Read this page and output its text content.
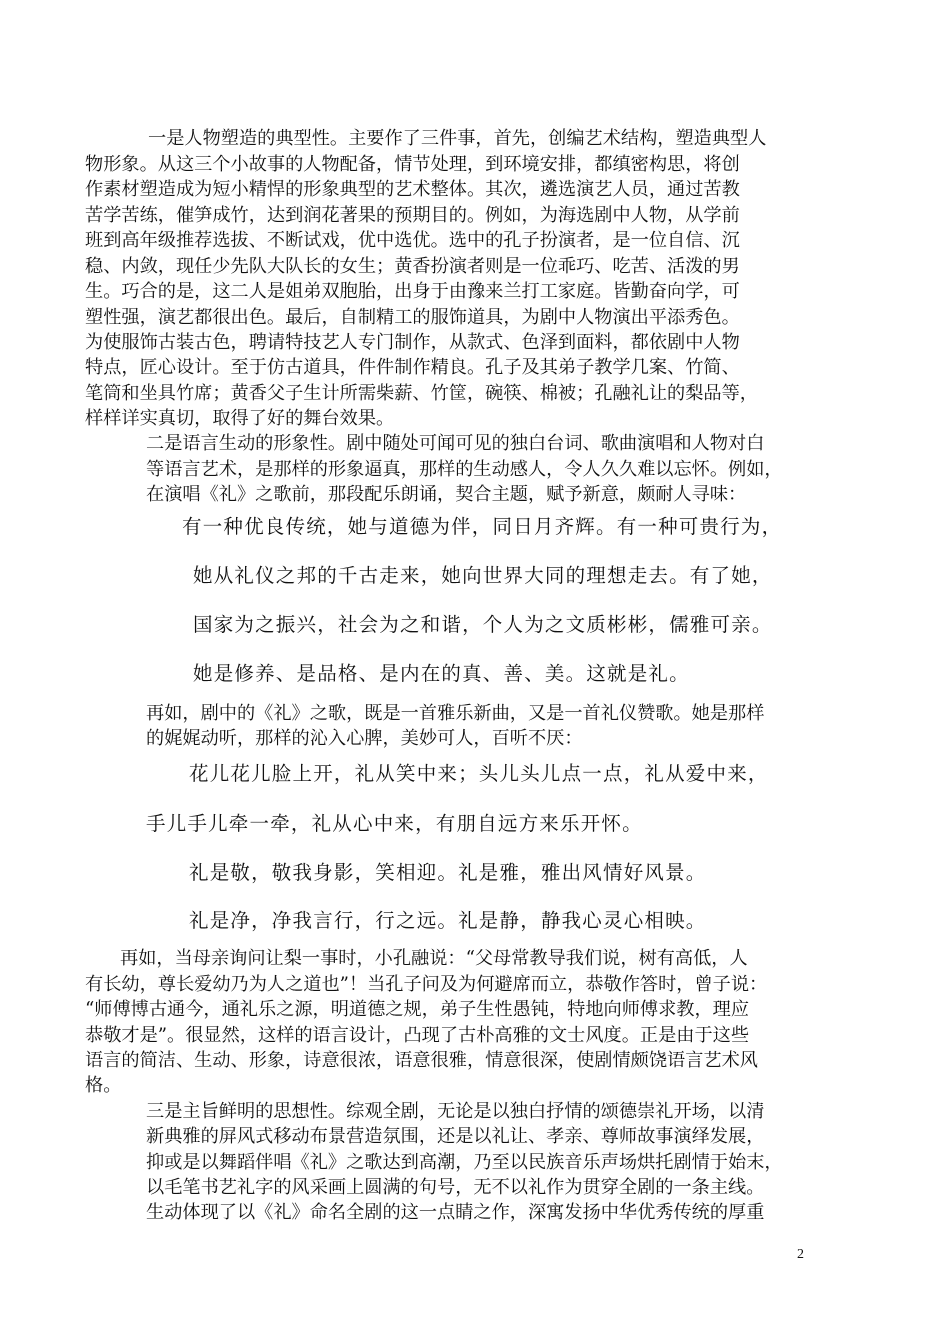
一是人物塑造的典型性。主要作了三件事，首先，创编艺术结构，塑造典型人
物形象。从这三个小故事的人物配备，情节处理，到环境安排，都缜密构思，将创
作素材塑造成为短小精悍的形象典型的艺术整体。其次，遴选演艺人员，通过苦教
苦学苦练，催笋成竹，达到润花著果的预期目的。例如，为海选剧中人物，从学前
班到高年级推荐选拔、不断试戏，优中选优。选中的孔子扮演者，是一位自信、沉
稳、内敛，现任少先队大队长的女生；黄香扮演者则是一位乖巧、吃苦、活泼的男
生。巧合的是，这二人是姐弟双胞胎，出身于由豫来兰打工家庭。皆勤奋向学，可
塑性强，演艺都很出色。最后，自制精工的服饰道具，为剧中人物演出平添秀色。
为使服饰古装古色，聘请特技艺人专门制作，从款式、色泽到面料，都依剧中人物
特点，匠心设计。至于仿古道具，件件制作精良。孔子及其弟子教学几案、竹简、
笔筒和坐具竹席；黄香父子生计所需柴薪、竹筐，碗筷、棉被；孔融礼让的梨品等，
样样详实真切，取得了好的舞台效果。
二是语言生动的形象性。剧中随处可闻可见的独白台词、歌曲演唱和人物对白
等语言艺术，是那样的形象逼真，那样的生动感人，令人久久难以忘怀。例如，
在演唱《礼》之歌前，那段配乐朗诵，契合主题，赋予新意，颇耐人寻味：
有一种优良传统，她与道德为伴，同日月齐辉。有一种可贵行为，
她从礼仪之邦的千古走来，她向世界大同的理想走去。有了她，
国家为之振兴，社会为之和谐，个人为之文质彬彬，儒雅可亲。
她是修养、是品格、是内在的真、善、美。这就是礼。
再如，剧中的《礼》之歌，既是一首雅乐新曲，又是一首礼仪赞歌。她是那样
的娓娓动听，那样的沁入心脾，美妙可人，百听不厌：
花儿花儿脸上开，礼从笑中来；头儿头儿点一点，礼从爱中来，
手儿手儿牵一牵，礼从心中来，有朋自远方来乐开怀。
礼是敬，敬我身影，笑相迎。礼是雅，雅出风情好风景。
礼是净，净我言行，行之远。礼是静，静我心灵心相映。
再如，当母亲询问让梨一事时，小孔融说：“父母常教导我们说，树有高低，人
有长幼，尊长爱幼乃为人之道也”！当孔子问及为何避席而立，恭敬作答时，曾子说：
“师傅博古通今，通礼乐之源，明道德之规，弟子生性愚钝，特地向师傅求教，理应
恭敬才是”。很显然，这样的语言设计，凸现了古朴高雅的文士风度。正是由于这些
语言的简洁、生动、形象，诗意很浓，语意很雅，情意很深，使剧情颇饶语言艺术风
格。
三是主旨鲜明的思想性。综观全剧，无论是以独白抒情的颂德崇礼开场，以清
新典雅的屏风式移动布景营造氛围，还是以礼让、孝亲、尊师故事演绎发展，
抑或是以舞蹈伴唱《礼》之歌达到高潮，乃至以民族音乐声场烘托剧情于始末，
以毛笔书艺礼字的风采画上圆满的句号，无不以礼作为贯穿全剧的一条主线。
生动体现了以《礼》命名全剧的这一点睛之作，深寓发扬中华优秀传统的厚重
2
